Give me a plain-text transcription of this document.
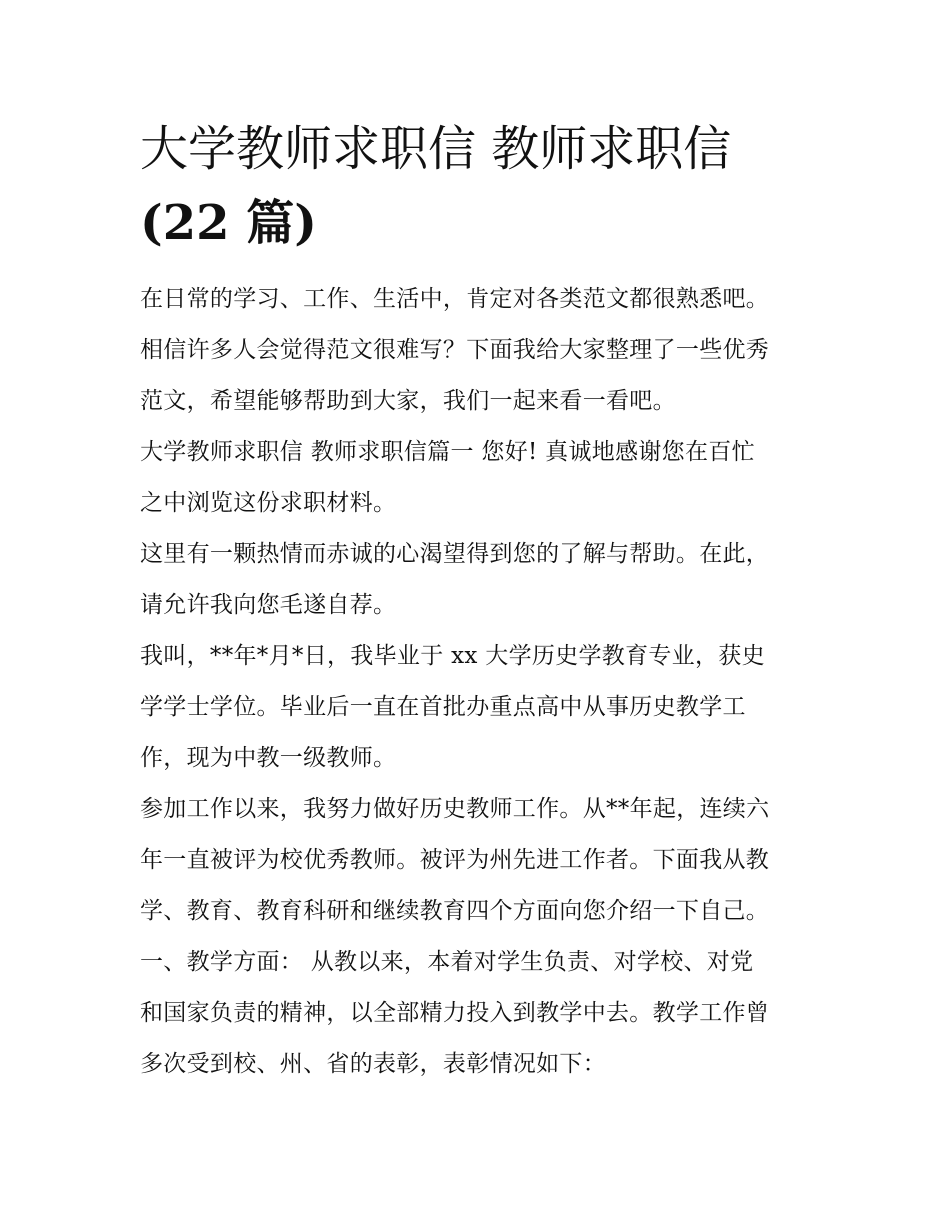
大学教师求职信 教师求职信
(22 篇)

在日常的学习、工作、生活中，肯定对各类范文都很熟悉吧。

相信许多人会觉得范文很难写？下面我给大家整理了一些优秀

范文，希望能够帮助到大家，我们一起来看一看吧。

大学教师求职信 教师求职信篇一 您好! 真诚地感谢您在百忙

之中浏览这份求职材料。

这里有一颗热情而赤诚的心渴望得到您的了解与帮助。在此，

请允许我向您毛遂自荐。

我叫，**年*月*日，我毕业于 xx 大学历史学教育专业，获史

学学士学位。毕业后一直在首批办重点高中从事历史教学工

作，现为中教一级教师。

参加工作以来，我努力做好历史教师工作。从**年起，连续六

年一直被评为校优秀教师。被评为州先进工作者。下面我从教

学、教育、教育科研和继续教育四个方面向您介绍一下自己。

一、教学方面： 从教以来，本着对学生负责、对学校、对党

和国家负责的精神，以全部精力投入到教学中去。教学工作曾

多次受到校、州、省的表彰，表彰情况如下：
